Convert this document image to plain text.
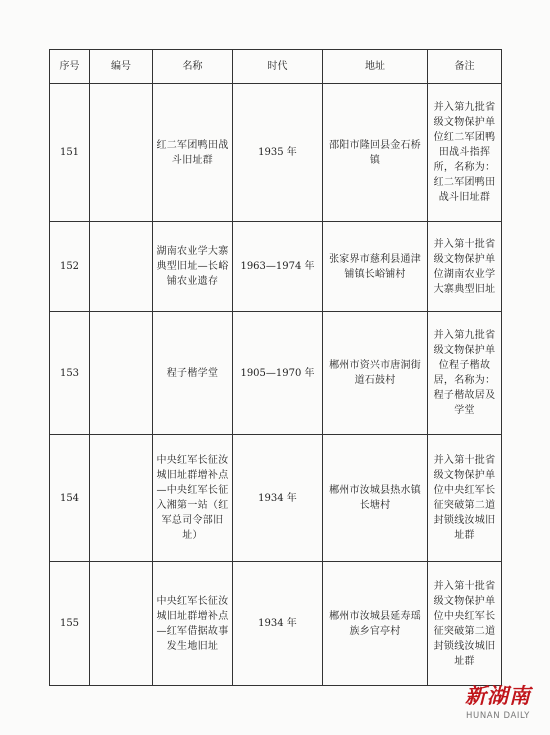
序号	编号	名称	时代	地址	备注
151		红二军团鸭田战斗旧址群	1935 年	邵阳市隆回县金石桥镇	并入第九批省级文物保护单位红二军团鸭田战斗指挥所，名称为：红二军团鸭田战斗旧址群
152		湖南农业学大寨典型旧址—长峪铺农业遗存	1963—1974 年	张家界市慈利县通津铺镇长峪铺村	并入第十批省级文物保护单位湖南农业学大寨典型旧址
153		程子楷学堂	1905—1970 年	郴州市资兴市唐洞街道石鼓村	并入第九批省级文物保护单位程子楷故居，名称为：程子楷故居及学堂
154		中央红军长征汝城旧址群增补点—中央红军长征入湘第一站（红军总司令部旧址）	1934 年	郴州市汝城县热水镇长塘村	并入第十批省级文物保护单位中央红军长征突破第二道封锁线汝城旧址群
155		中央红军长征汝城旧址群增补点—红军借据故事发生地旧址	1934 年	郴州市汝城县延寿瑶族乡官亭村	并入第十批省级文物保护单位中央红军长征突破第二道封锁线汝城旧址群
新湖南
HUNAN DAILY
